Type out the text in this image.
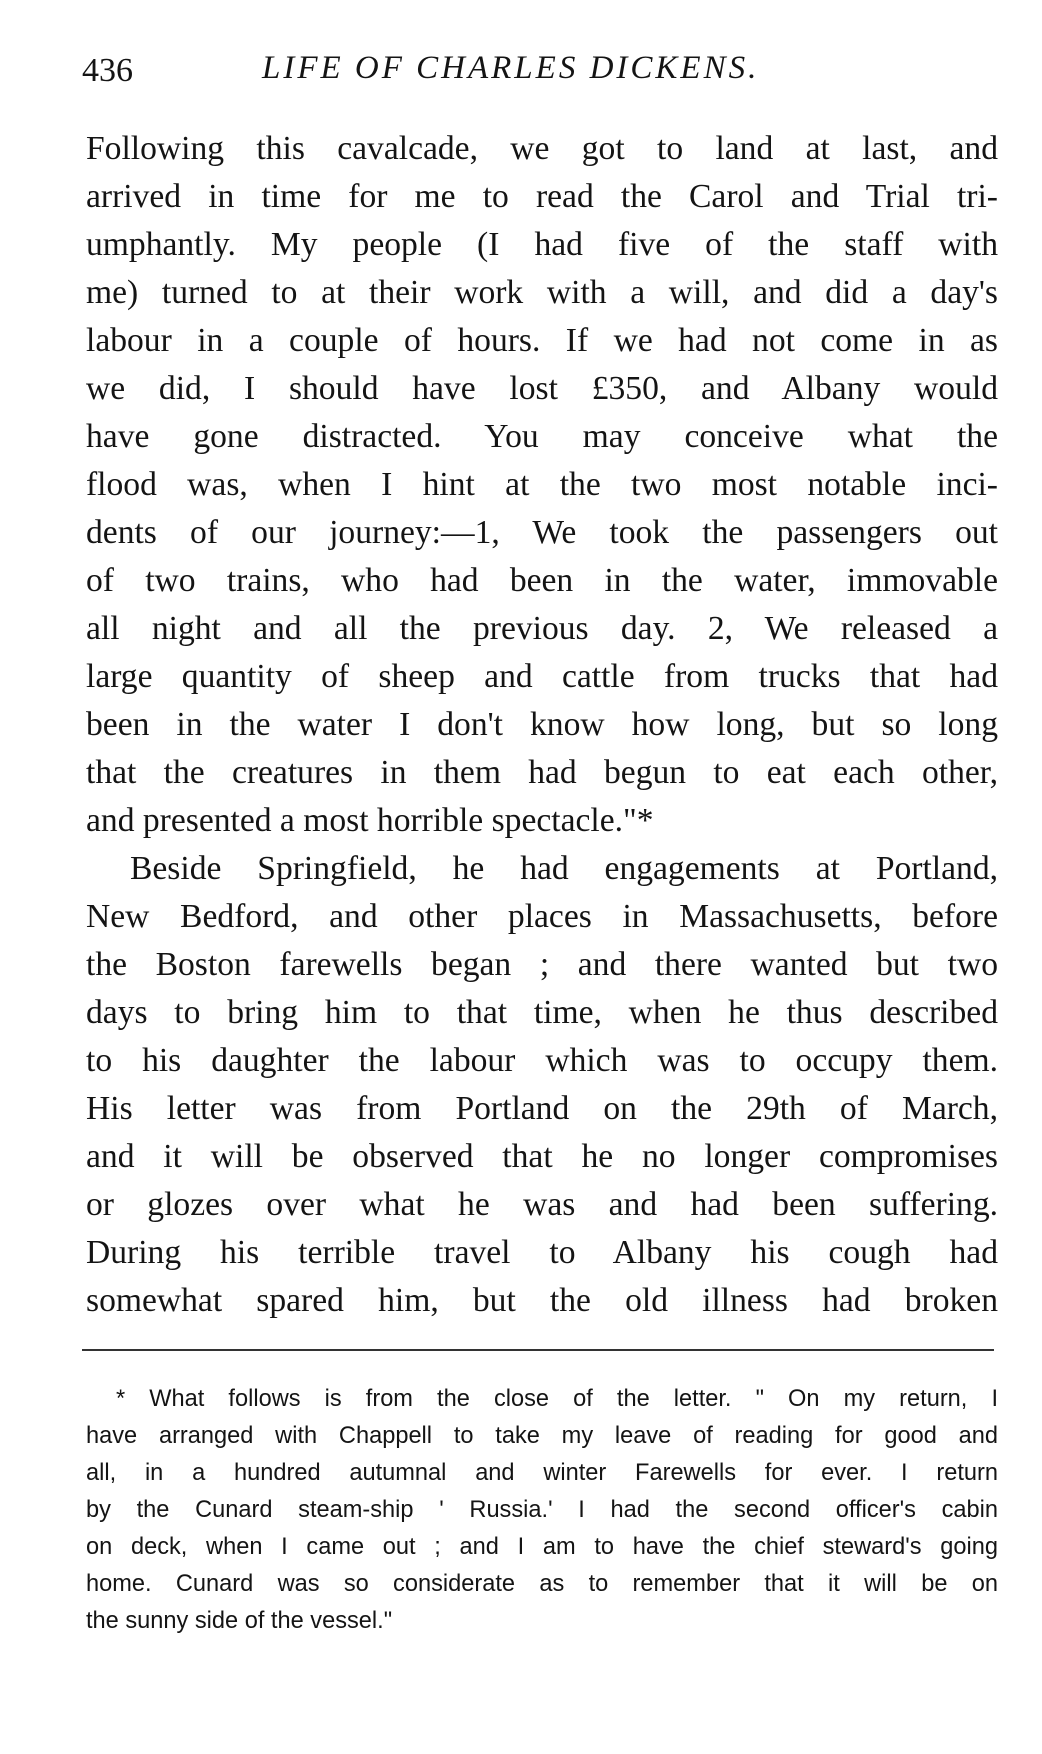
436	LIFE OF CHARLES DICKENS.
Following this cavalcade, we got to land at last, and
arrived in time for me to read the Carol and Trial tri-
umphantly. My people (I had five of the staff with
me) turned to at their work with a will, and did a day's
labour in a couple of hours. If we had not come in as
we did, I should have lost £350, and Albany would
have gone distracted. You may conceive what the
flood was, when I hint at the two most notable inci-
dents of our journey:—1, We took the passengers out
of two trains, who had been in the water, immovable
all night and all the previous day. 2, We released a
large quantity of sheep and cattle from trucks that had
been in the water I don't know how long, but so long
that the creatures in them had begun to eat each other,
and presented a most horrible spectacle."*
Beside Springfield, he had engagements at Portland,
New Bedford, and other places in Massachusetts, before
the Boston farewells began ; and there wanted but two
days to bring him to that time, when he thus described
to his daughter the labour which was to occupy them.
His letter was from Portland on the 29th of March,
and it will be observed that he no longer compromises
or glozes over what he was and had been suffering.
During his terrible travel to Albany his cough had
somewhat spared him, but the old illness had broken
* What follows is from the close of the letter. " On my return, I
have arranged with Chappell to take my leave of reading for good and
all, in a hundred autumnal and winter Farewells for ever. I return
by the Cunard steam-ship ' Russia.' I had the second officer's cabin
on deck, when I came out ; and I am to have the chief steward's going
home. Cunard was so considerate as to remember that it will be on
the sunny side of the vessel."
